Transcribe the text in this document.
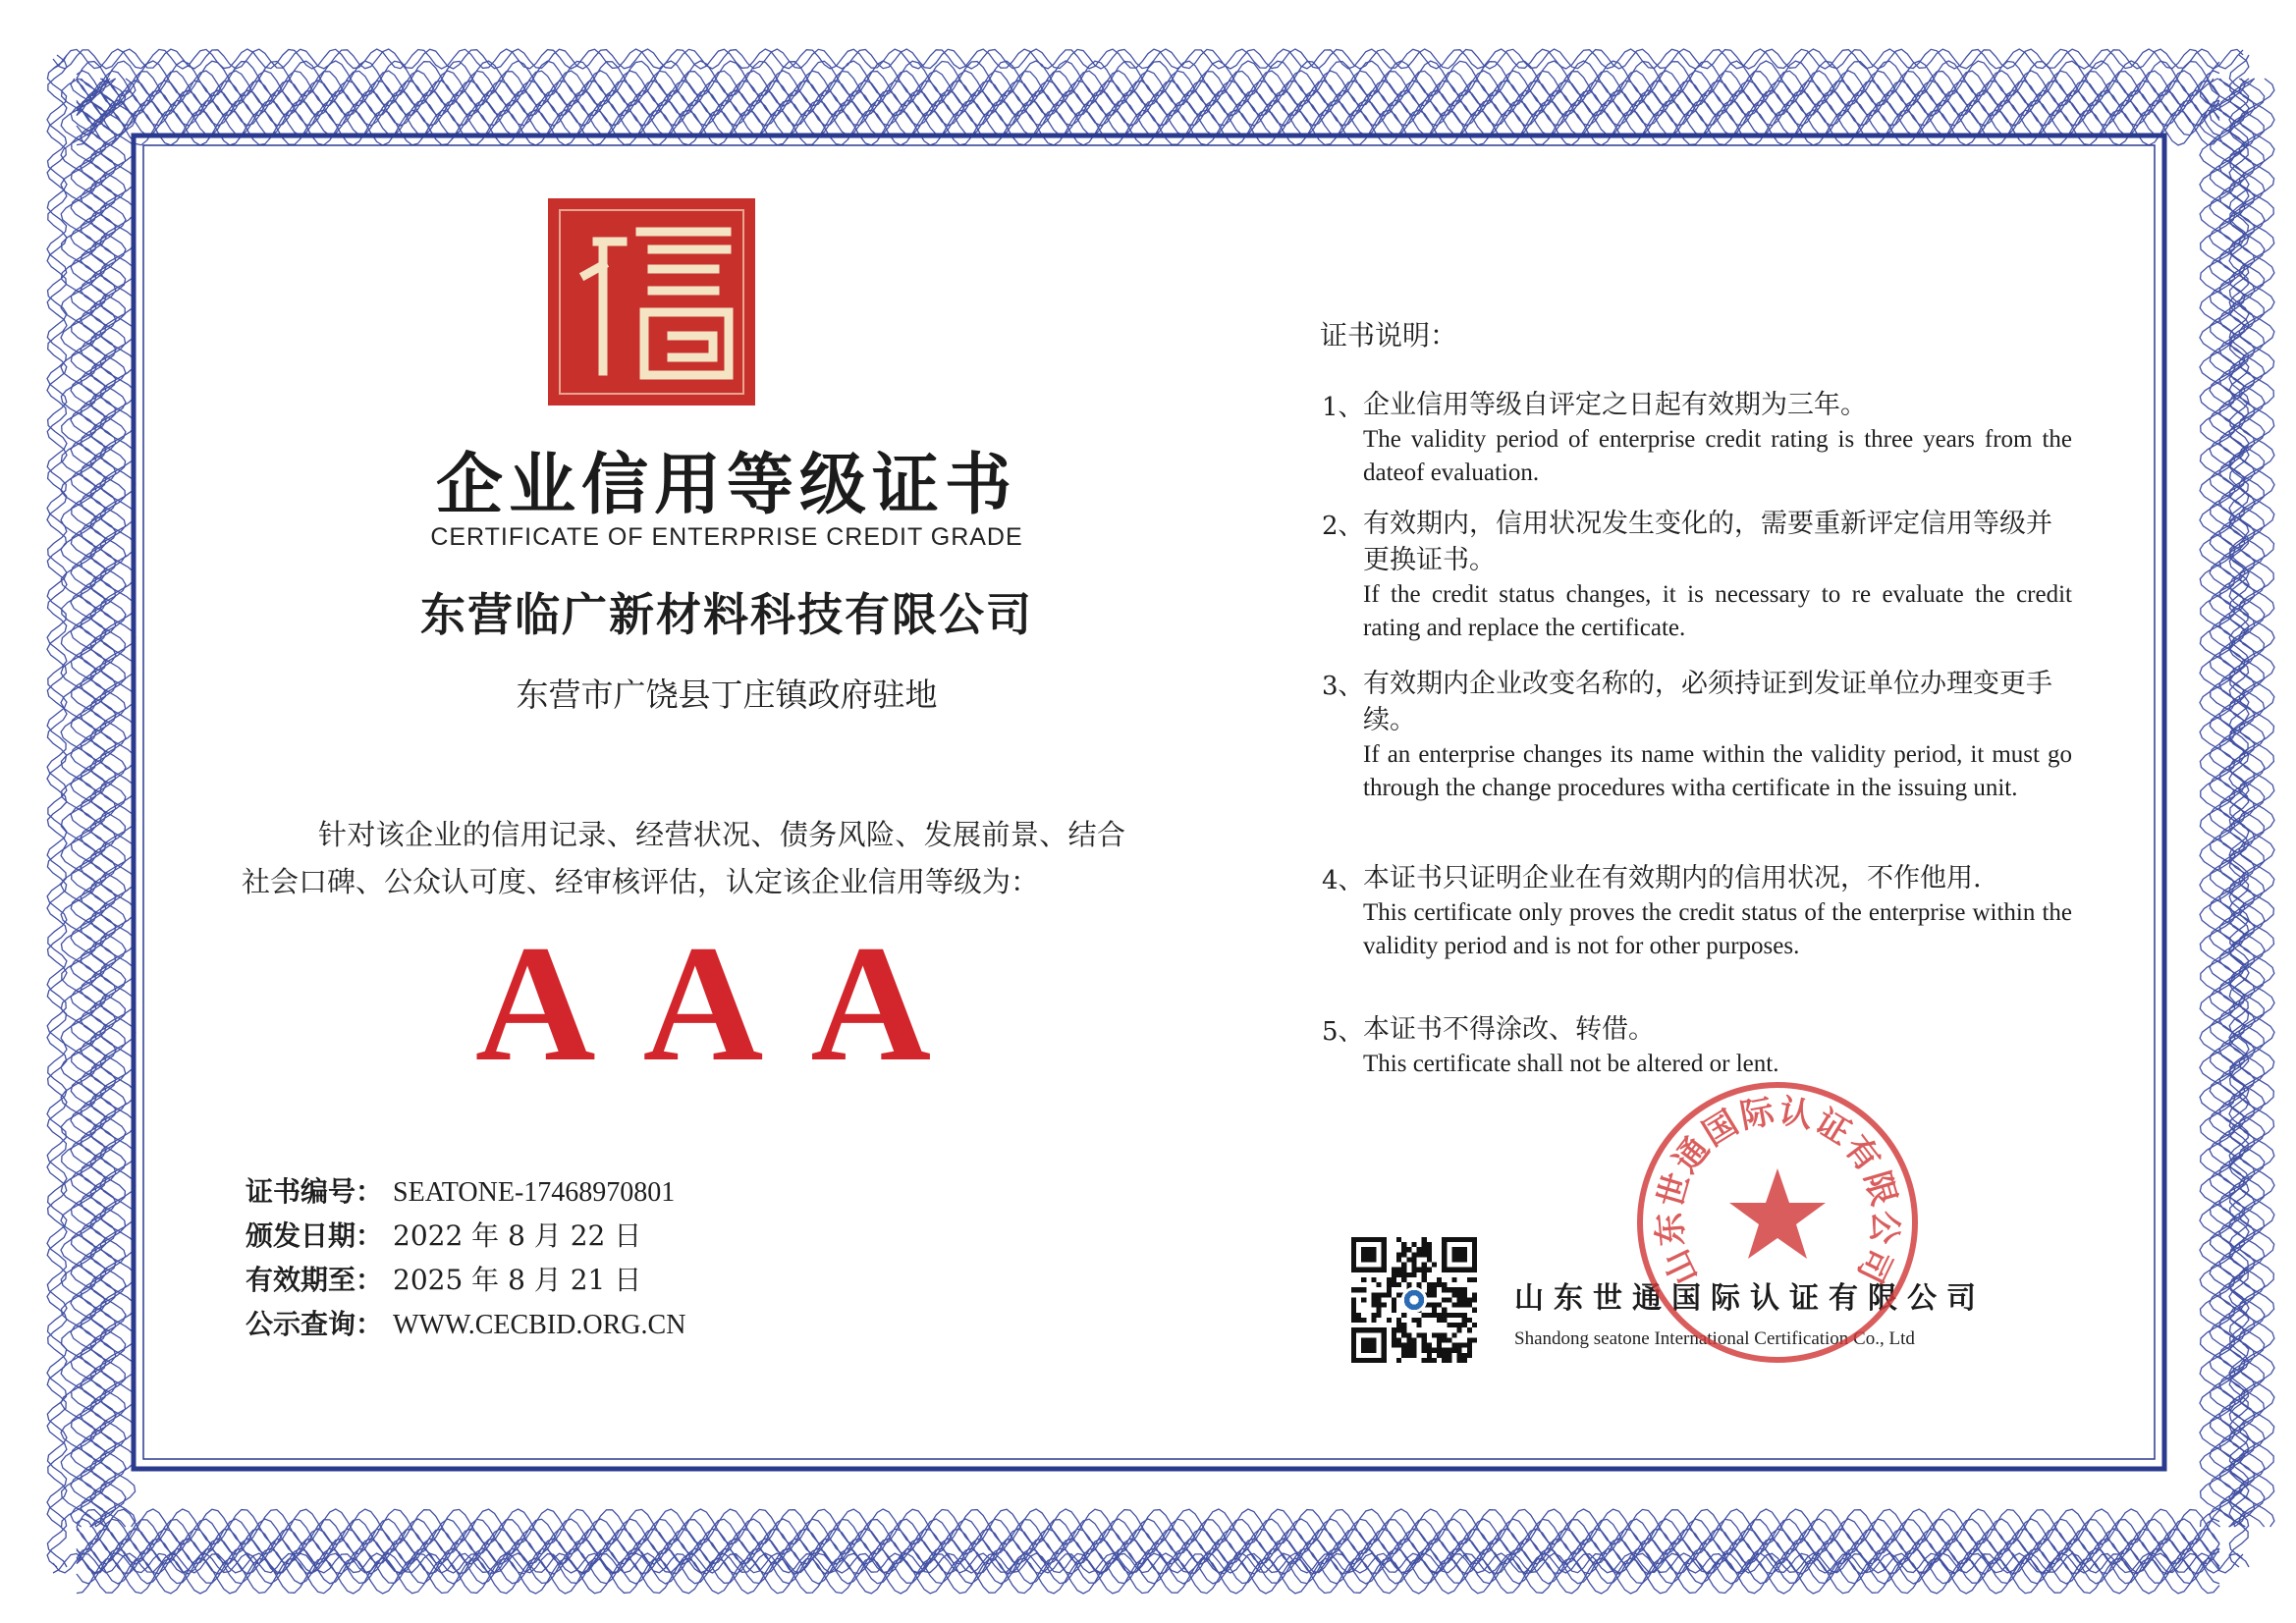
企业信用等级证书
CERTIFICATE OF ENTERPRISE CREDIT GRADE
东营临广新材料科技有限公司
东营市广饶县丁庄镇政府驻地
针对该企业的信用记录、经营状况、债务风险、发展前景、结合社会口碑、公众认可度、经审核评估，认定该企业信用等级为：
AAA
证书编号： SEATONE-17468970801
颁发日期： 2022 年 8 月 22 日
有效期至： 2025 年 8 月 21 日
公示查询： WWW.CECBID.ORG.CN
证书说明：
1、 企业信用等级自评定之日起有效期为三年。
The validity period of enterprise credit rating is three years from the dateof evaluation.
2、 有效期内，信用状况发生变化的，需要重新评定信用等级并更换证书。
If the credit status changes, it is necessary to re evaluate the credit rating and replace the certificate.
3、 有效期内企业改变名称的，必须持证到发证单位办理变更手续。
If an enterprise changes its name within the validity period, it must go through the change procedures witha certificate in the issuing unit.
4、 本证书只证明企业在有效期内的信用状况，不作他用.
This certificate only proves the credit status of the enterprise within the validity period and is not for other purposes.
5、 本证书不得涂改、转借。
This certificate shall not be altered or lent.
山东世通国际认证有限公司
Shandong seatone International Certification Co., Ltd
山东世通国际认证有限公司
